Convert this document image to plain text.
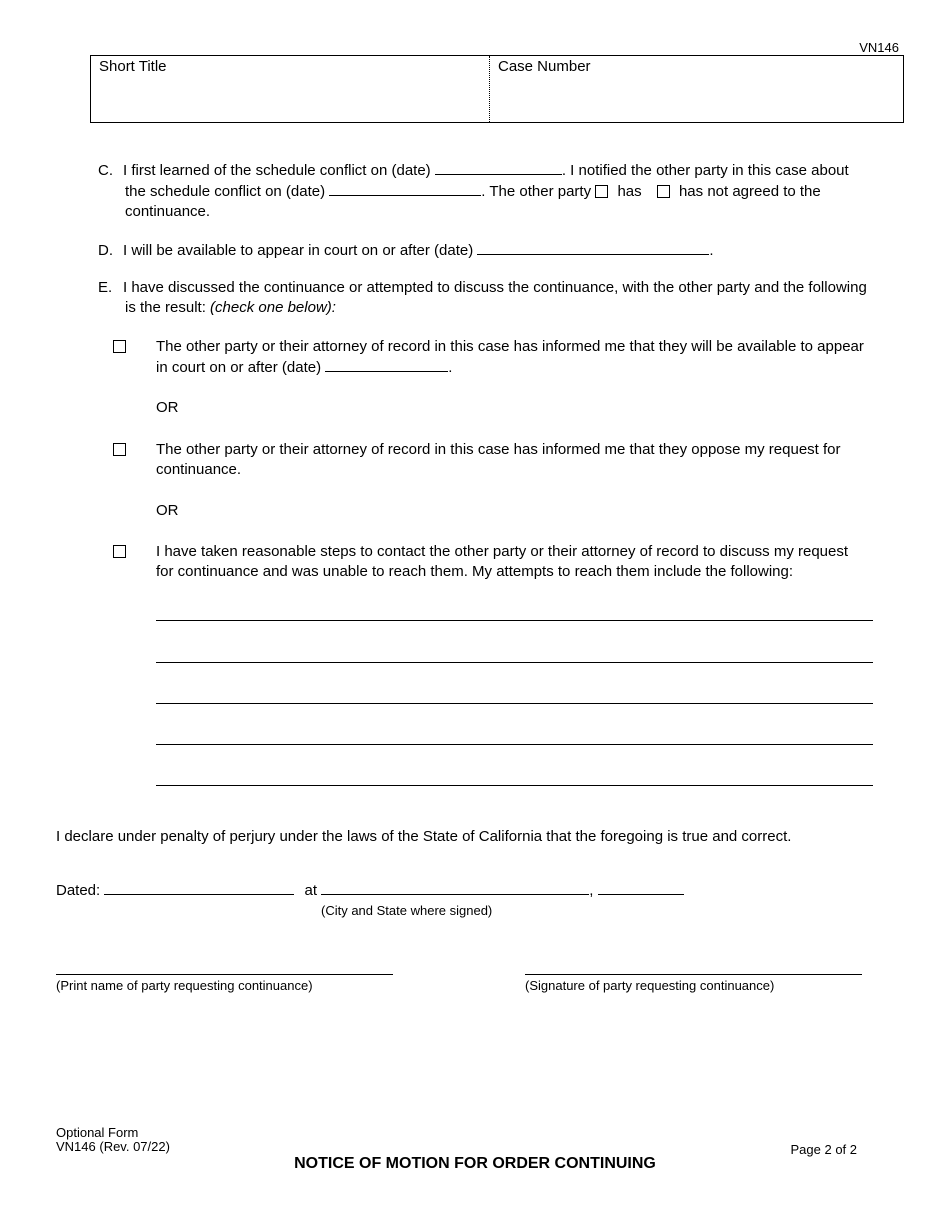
VN146
Short Title	Case Number
C. I first learned of the schedule conflict on (date)	. I notified the other party in this case about
the schedule conflict on (date)	. The other party has has not agreed to the
continuance.
D. I will be available to appear in court on or after (date)	.
E. I have discussed the continuance or attempted to discuss the continuance, with the other party and the following
is the result: (check one below):
The other party or their attorney of record in this case has informed me that they will be available to appear
in court on or after (date)	.
OR
The other party or their attorney of record in this case has informed me that they oppose my request for
continuance.
OR
I have taken reasonable steps to contact the other party or their attorney of record to discuss my request
for continuance and was unable to reach them. My attempts to reach them include the following:
I declare under penalty of perjury under the laws of the State of California that the foregoing is true and correct.
Dated:	at	,
(City and State where signed)
(Print name of party requesting continuance)	(Signature of party requesting continuance)
Optional Form
VN146 (Rev. 07/22)	Page 2 of 2
NOTICE OF MOTION FOR ORDER CONTINUING
